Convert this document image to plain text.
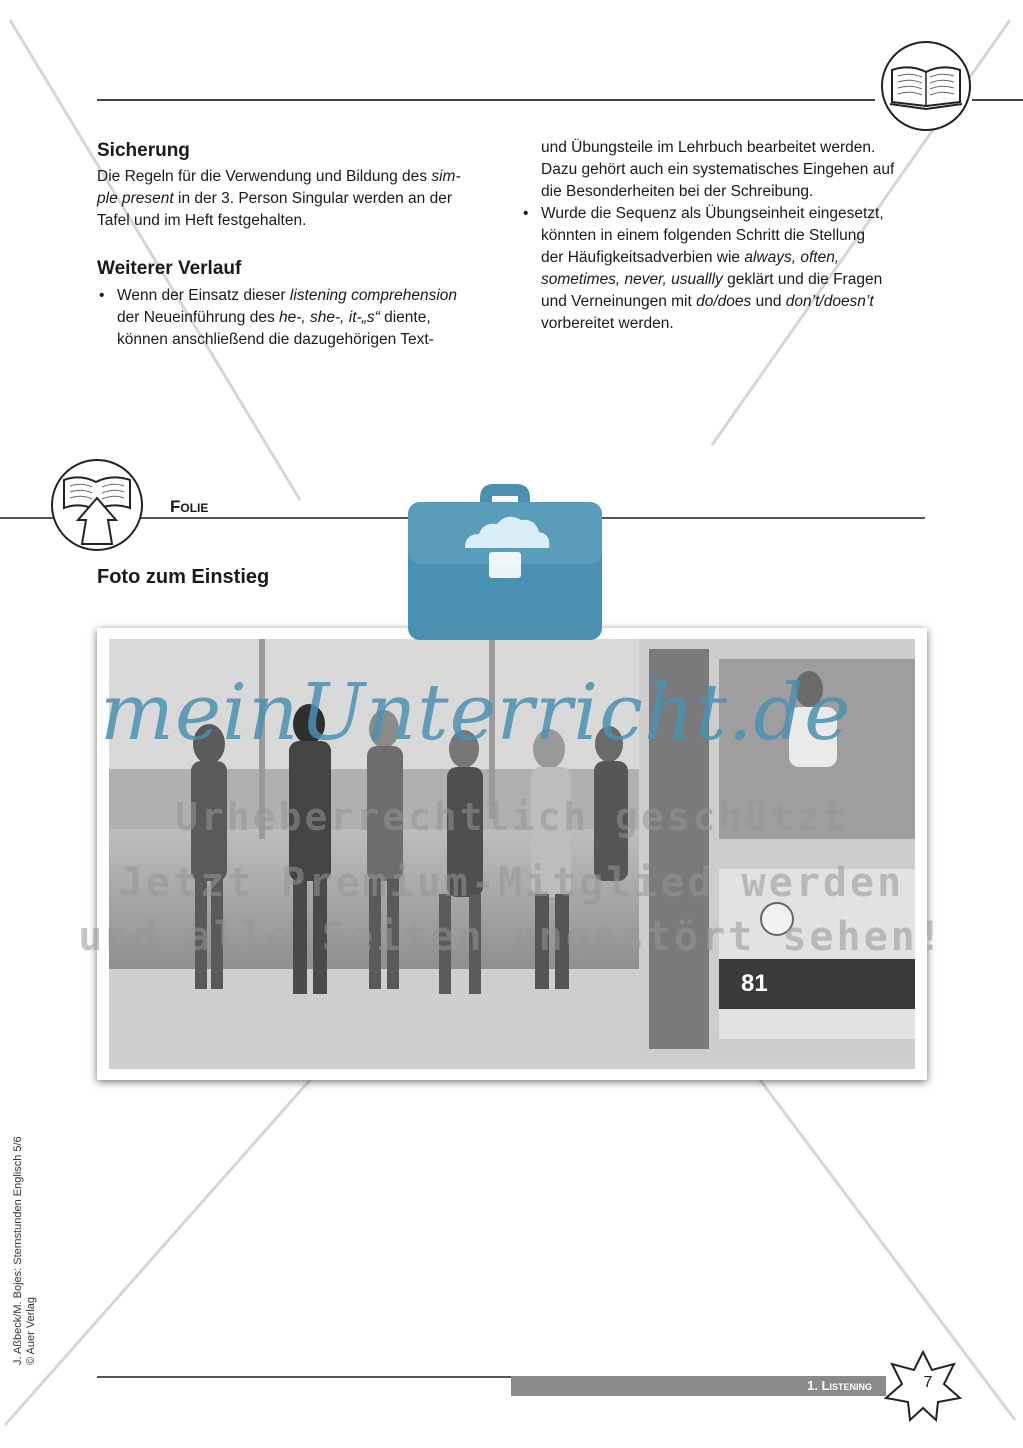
Sicherung

Die Regeln für die Verwendung und Bildung des sim-
ple present in der 3. Person Singular werden an der
Tafel und im Heft festgehalten.

Weiterer Verlauf
• Wenn der Einsatz dieser listening comprehension
der Neueinführung des he-, she-, it-„s“ diente,
können anschließend die dazugehörigen Text-

und Übungsteile im Lehrbuch bearbeitet werden.
Dazu gehört auch ein systematisches Eingehen auf
die Besonderheiten bei der Schreibung.

• Wurde die Sequenz als Übungseinheit eingesetzt,
könnten in einem folgenden Schritt die Stellung
der Häufigkeitsadverbien wie always, often,
sometimes, never, usuallly geklärt und die Fragen
und Verneinungen mit do/does und don’t/doesn’t
vorbereitet werden.
Folie
Foto zum Einstieg
81
meinUnterricht.de
Urheberrechtlich geschützt
Jetzt Premium-Mitglied werden
und alle Seiten ungestört sehen!
J. Aßbeck/M. Bojes: Sternstunden Englisch 5/6 © Auer Verlag
1. Listening	7
